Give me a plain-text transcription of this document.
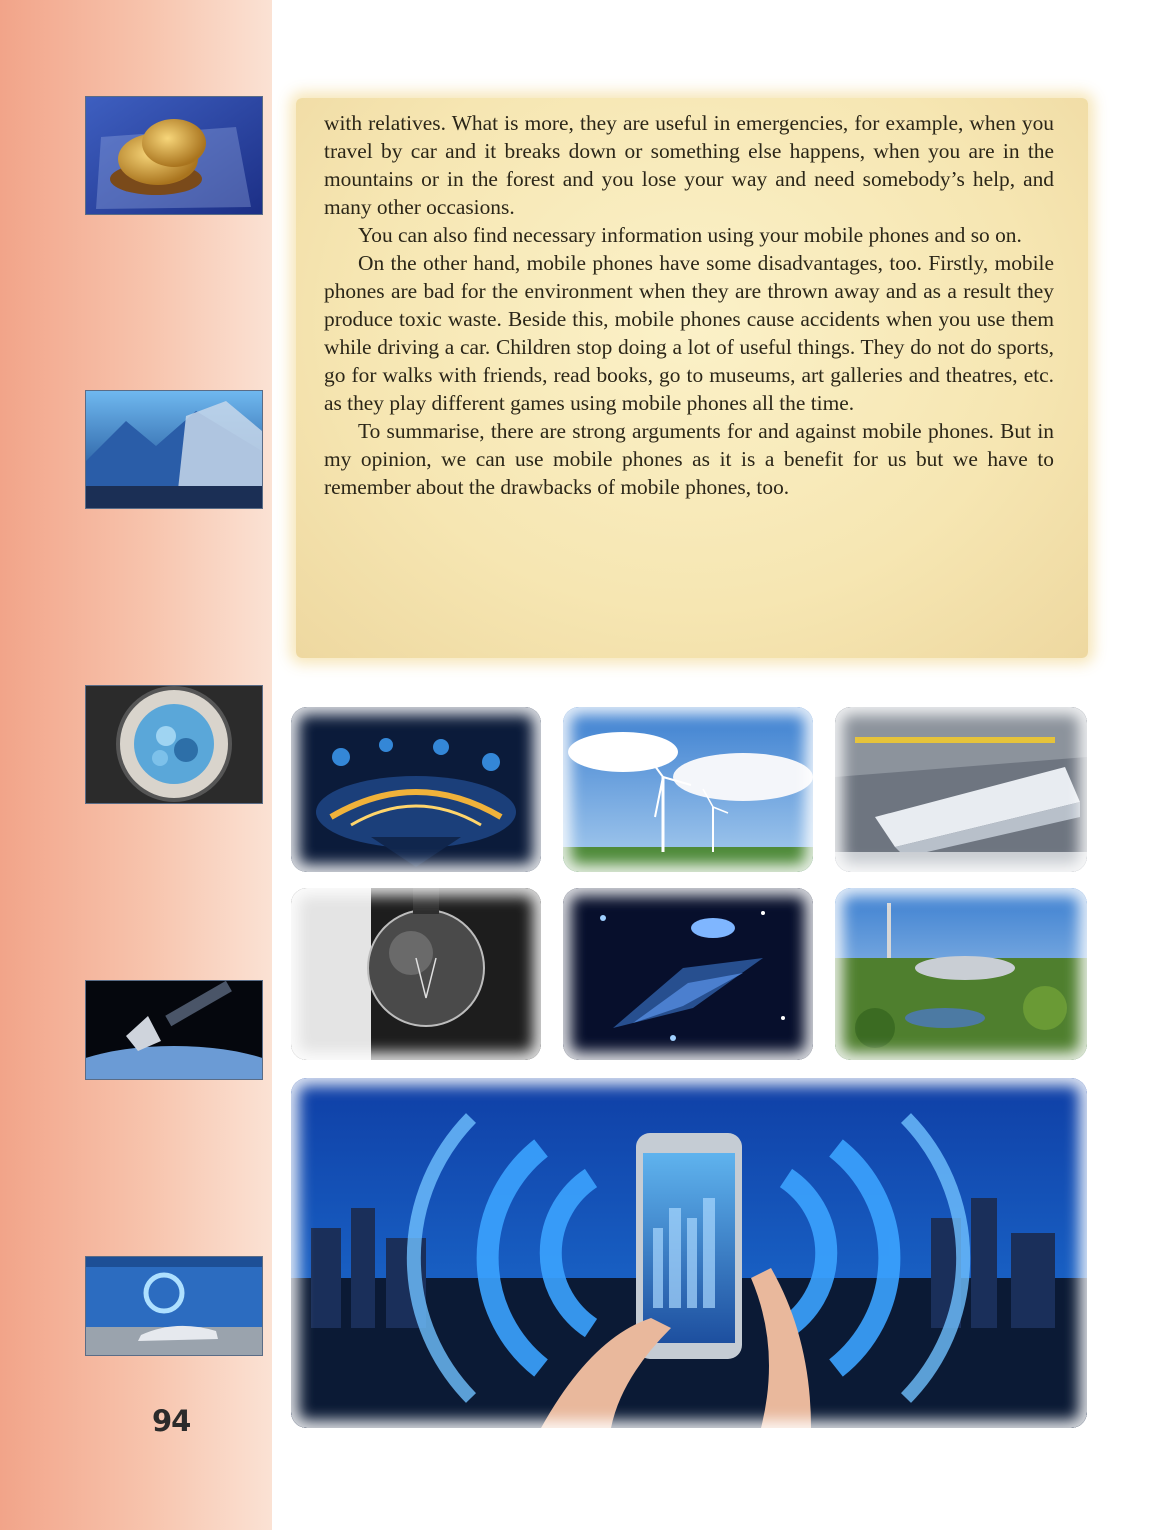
94

with relatives. What is more, they are useful in emergencies, for example, when you travel by car and it breaks down or something else happens, when you are in the mountains or in the forest and you lose your way and need somebody’s help, and many other occasions.

You can also find necessary information using your mobile phones and so on.

On the other hand, mobile phones have some disadvantages, too. Firstly, mobile phones are bad for the environment when they are thrown away and as a result they produce toxic waste. Beside this, mobile phones cause accidents when you use them while driving a car. Children stop doing a lot of useful things. They do not do sports, go for walks with friends, read books, go to museums, art galleries and theatres, etc. as they play different games using mobile phones all the time.

To summarise, there are strong arguments for and against mobile phones. But in my opinion, we can use mobile phones as it is a benefit for us but we have to remember about the drawbacks of mobile phones, too.
